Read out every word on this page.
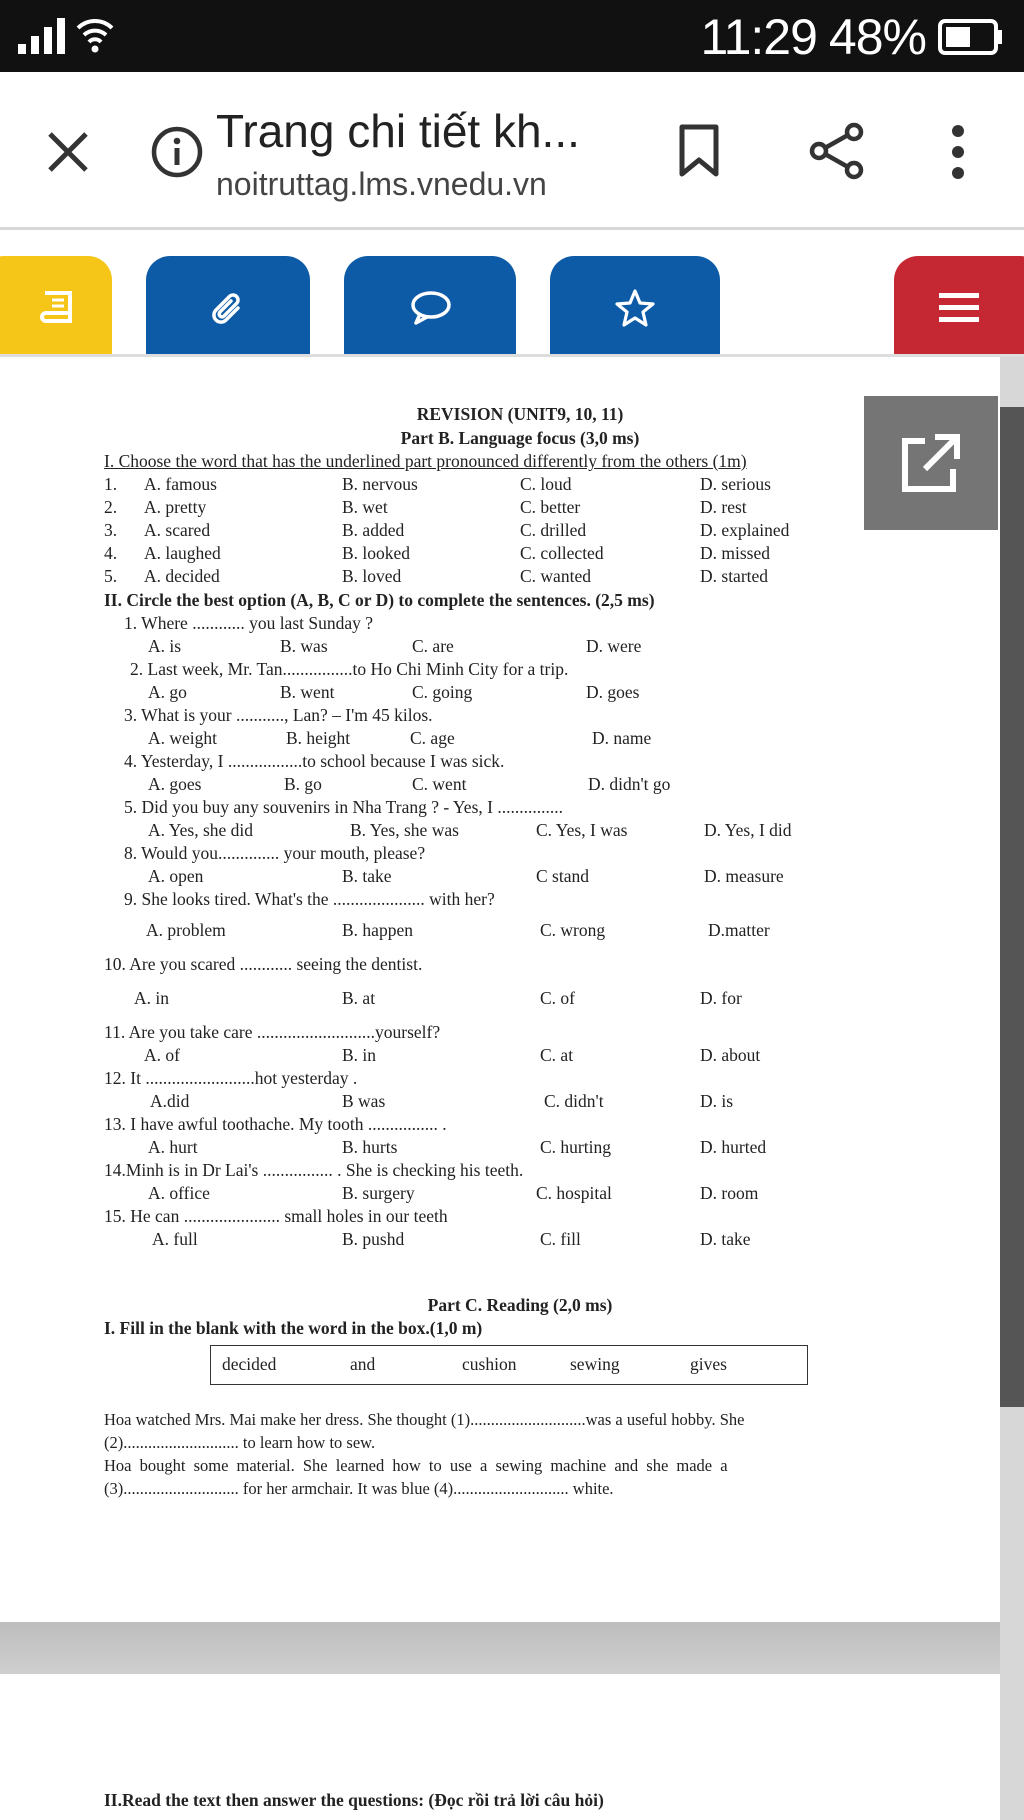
11:29 48%
Trang chi tiết kh...
noitruttag.lms.vnedu.vn
REVISION (UNIT9, 10, 11)
Part B. Language focus (3,0 ms)
I. Choose the word that has the underlined part pronounced differently from the others (1m)
1. A. famous	B. nervous	C. loud	D. serious
2. A. pretty	B. wet	C. better	D. rest
3. A. scared	B. added	C. drilled	D. explained
4. A. laughed	B. looked	C. collected	D. missed
5. A. decided	B. loved	C. wanted	D. started
II. Circle the best option (A, B, C or D) to complete the sentences. (2,5 ms)
1. Where ............ you last Sunday ?
A. is	B. was	C. are	D. were
2. Last week, Mr. Tan................to Ho Chi Minh City for a trip.
A. go	B. went	C. going	D. goes
3. What is your ..........., Lan? – I'm 45 kilos.
A. weight	B. height	C. age	D. name
4. Yesterday, I .................to school because I was sick.
A. goes	B. go	C. went	D. didn't go
5. Did you buy any souvenirs in Nha Trang ? - Yes, I ...............
A. Yes, she did	B. Yes, she was	C. Yes, I was	D. Yes, I did
8. Would you.............. your mouth, please?
A. open	B. take	C stand	D. measure
9. She looks tired. What's the ..................... with her?
A. problem	B. happen	C. wrong	D.matter
10. Are you scared ............ seeing the dentist.
A. in	B. at	C. of	D. for
11. Are you take care ...........................yourself?
A. of	B. in	C. at	D. about
12. It .........................hot yesterday .
A.did	B was	C. didn't	D. is
13. I have awful toothache. My tooth ................ .
A. hurt	B. hurts	C. hurting	D. hurted
14.Minh is in Dr Lai's ................ . She is checking his teeth.
A. office	B. surgery	C. hospital	D. room
15. He can ...................... small holes in our teeth
A. full	B. pushd	C. fill	D. take
Part C. Reading (2,0 ms)
I. Fill in the blank with the word in the box.(1,0 m)
decided	and	cushion	sewing	gives
Hoa watched Mrs. Mai make her dress. She thought (1)............................was a useful hobby. She
(2)............................ to learn how to sew.
Hoa bought some material. She learned how to use a sewing machine and she made a
(3)............................ for her armchair. It was blue (4)............................ white.
II.Read the text then answer the questions: (Đọc rồi trả lời câu hỏi)
